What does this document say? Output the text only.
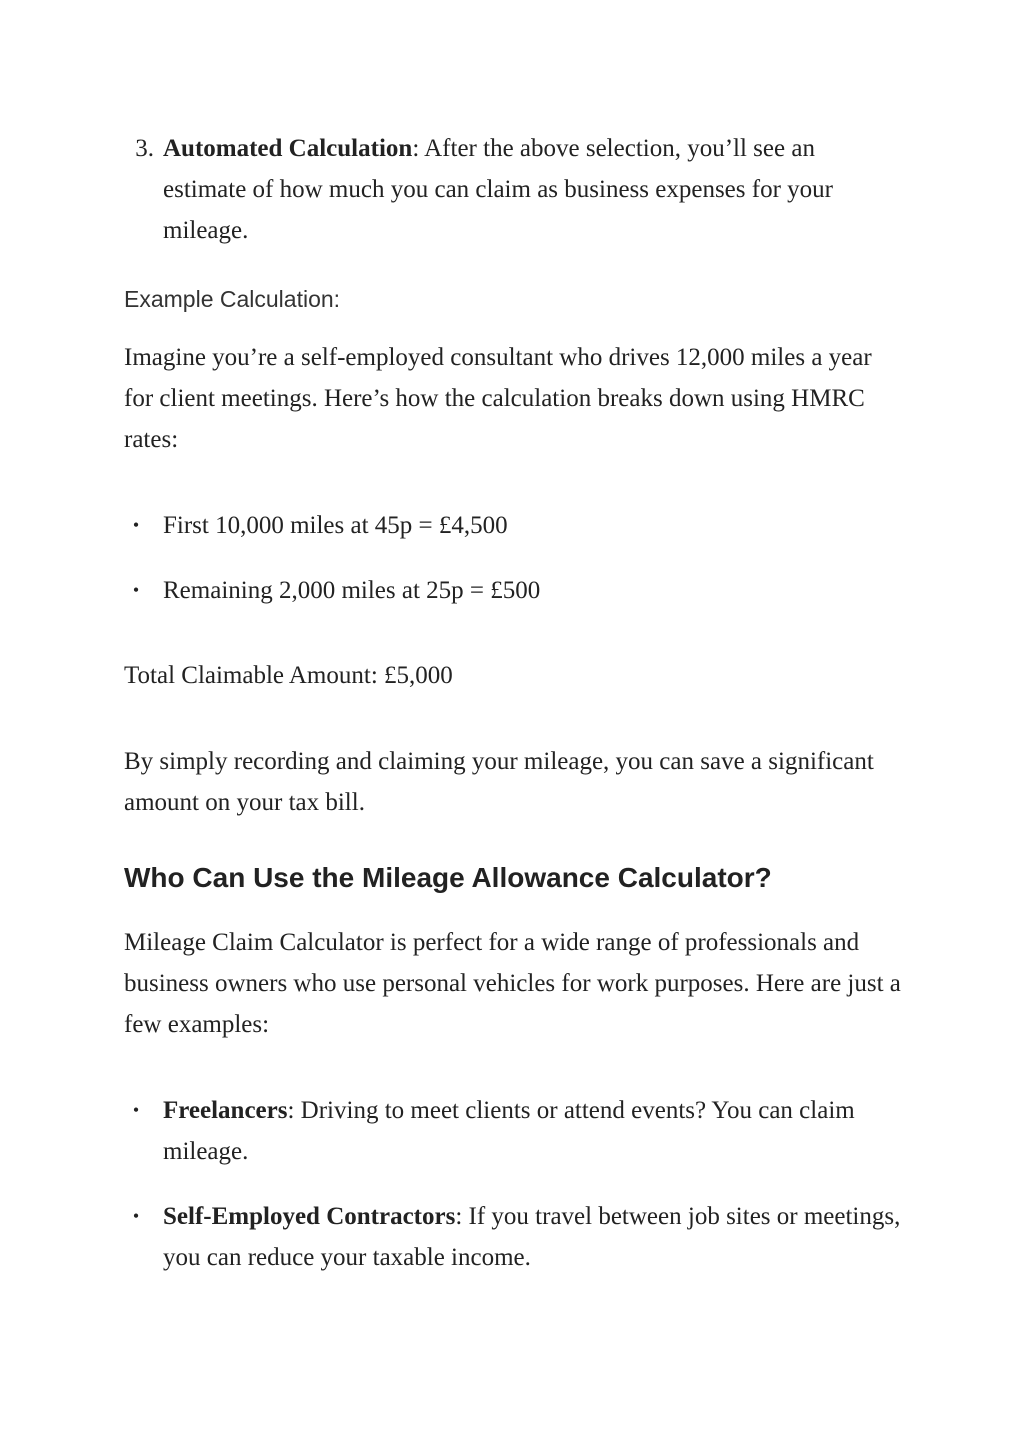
3. Automated Calculation: After the above selection, you’ll see an estimate of how much you can claim as business expenses for your mileage.
Example Calculation:
Imagine you’re a self-employed consultant who drives 12,000 miles a year for client meetings. Here’s how the calculation breaks down using HMRC rates:
• First 10,000 miles at 45p = £4,500
• Remaining 2,000 miles at 25p = £500
Total Claimable Amount: £5,000
By simply recording and claiming your mileage, you can save a significant amount on your tax bill.
Who Can Use the Mileage Allowance Calculator?
Mileage Claim Calculator is perfect for a wide range of professionals and business owners who use personal vehicles for work purposes. Here are just a few examples:
• Freelancers: Driving to meet clients or attend events? You can claim mileage.
• Self-Employed Contractors: If you travel between job sites or meetings, you can reduce your taxable income.
